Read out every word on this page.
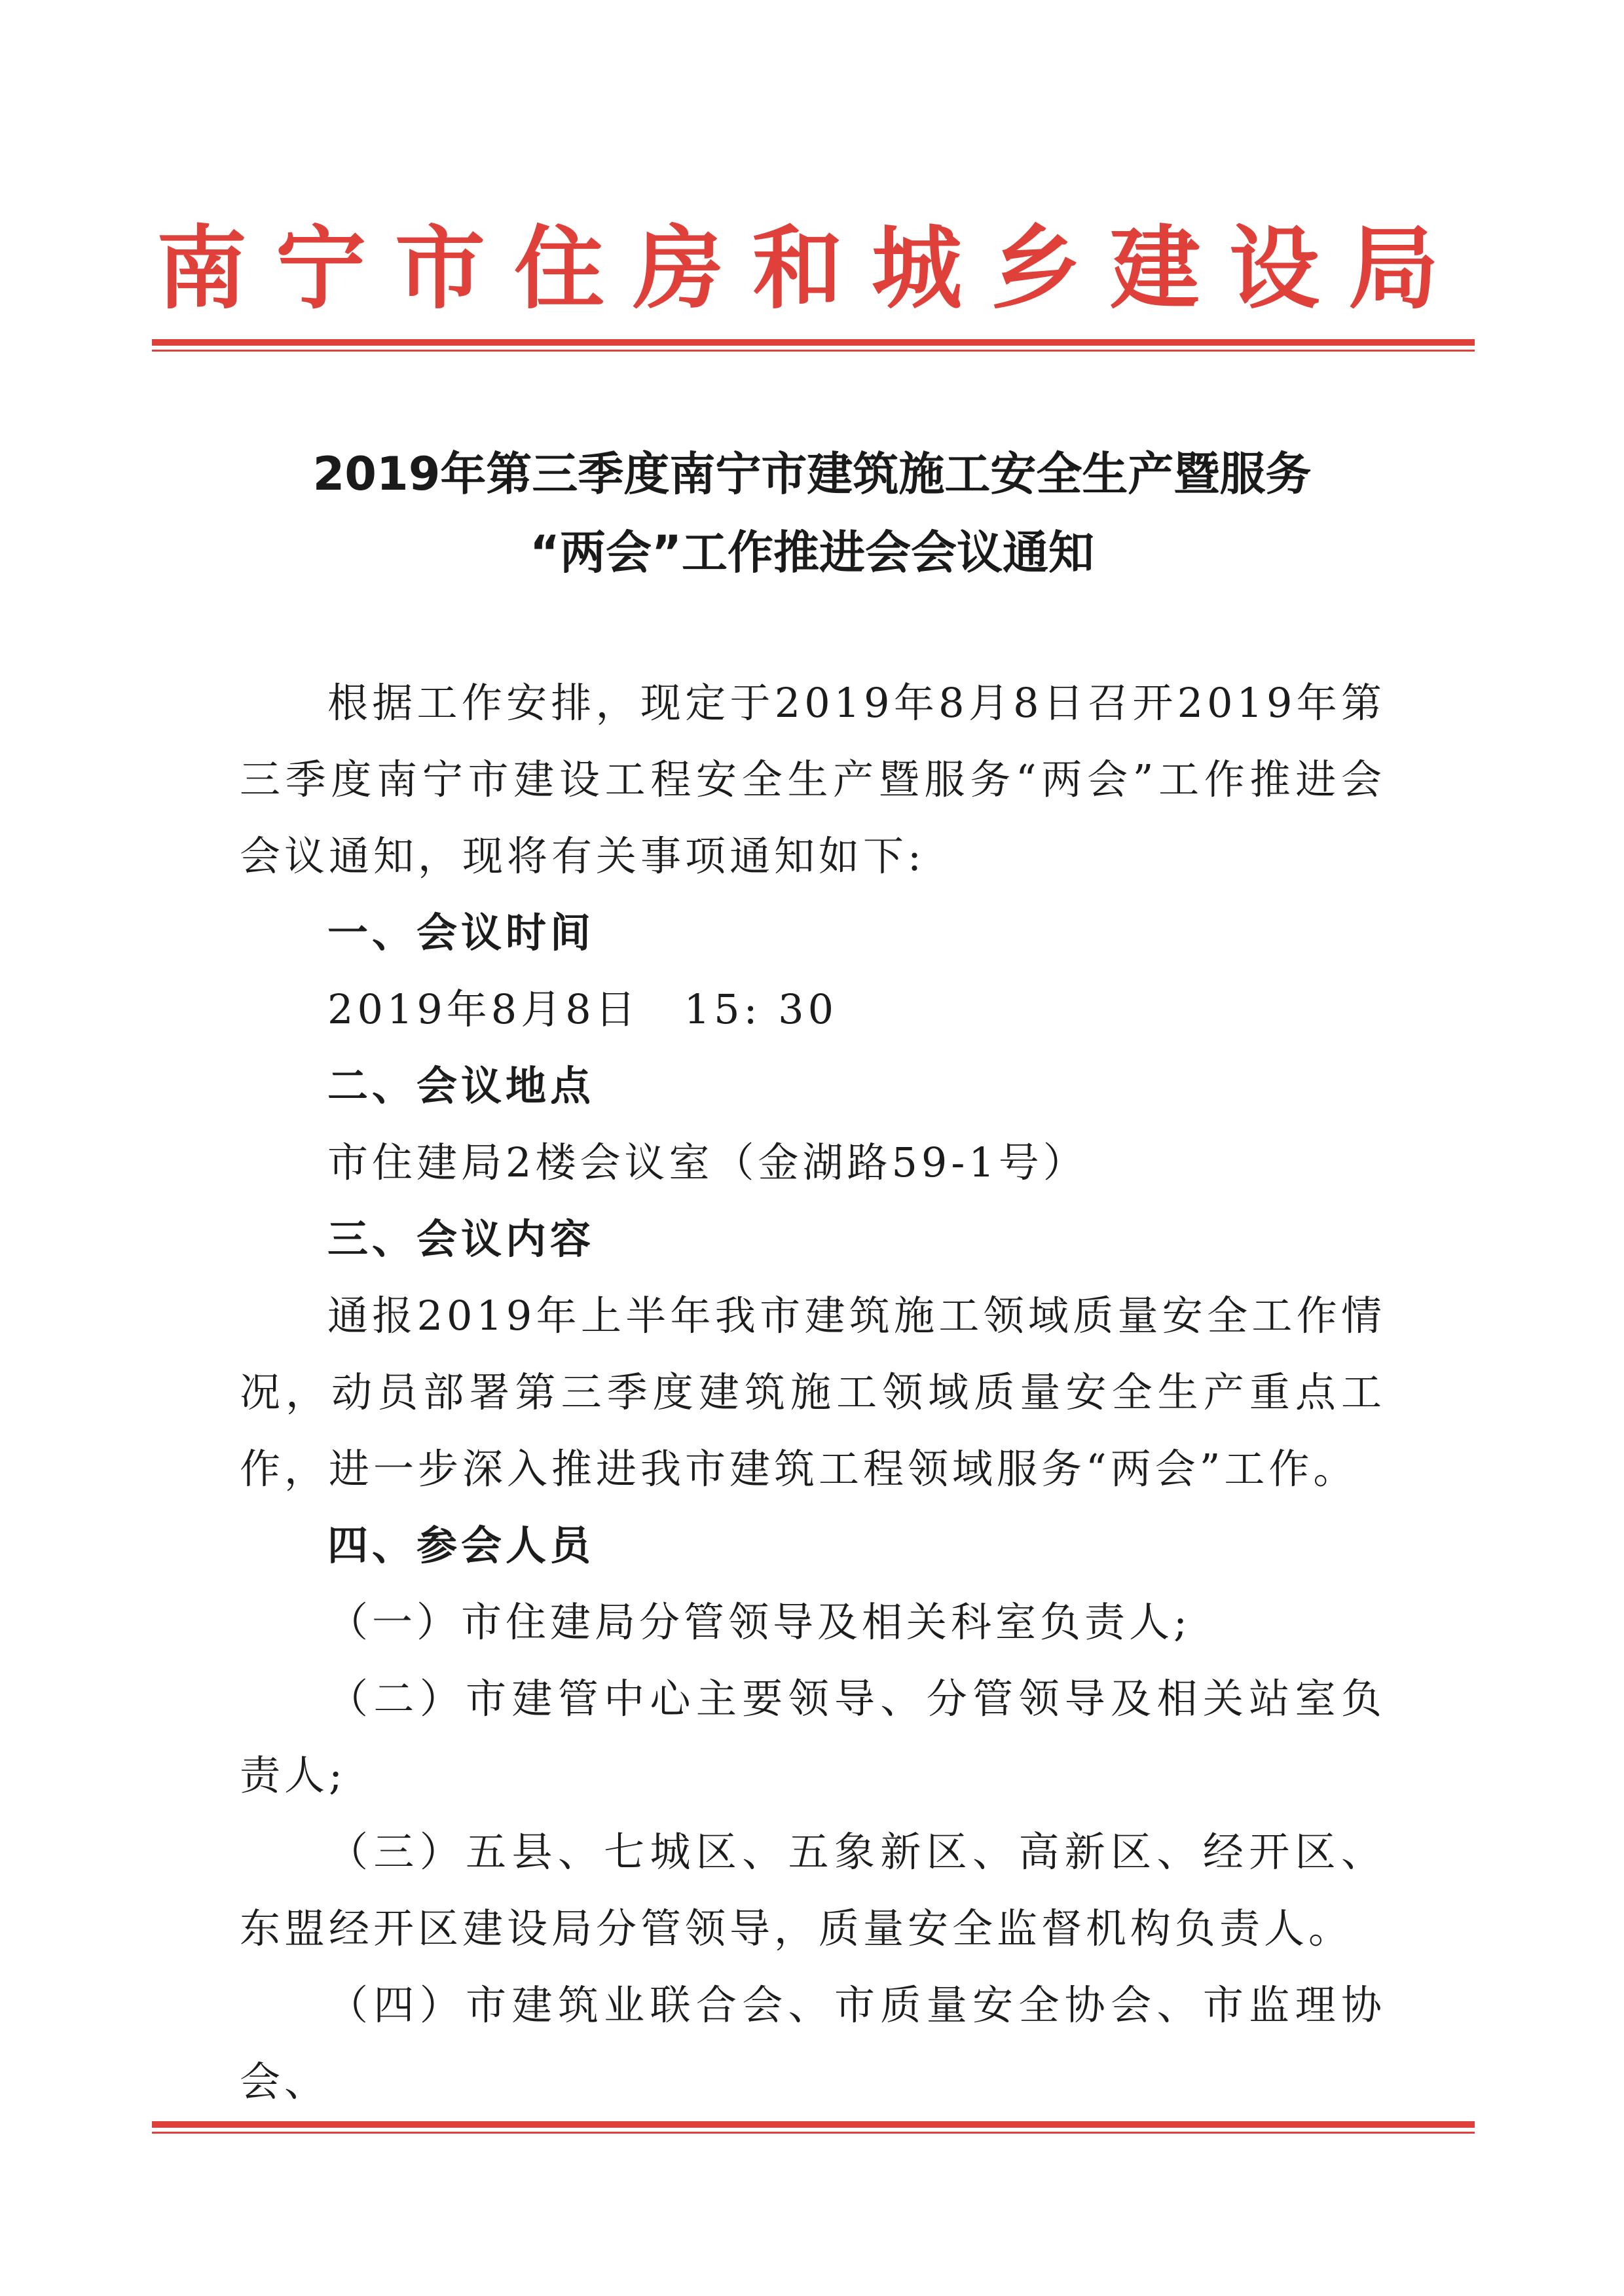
南宁市住房和城乡建设局
2019年第三季度南宁市建筑施工安全生产暨服务
“两会”工作推进会会议通知

根据工作安排，现定于2019年8月8日召开2019年第三季度南宁市建设工程安全生产暨服务“两会”工作推进会会议通知，现将有关事项通知如下:

一、会议时间

2019年8月8日　15: 30

二、会议地点

市住建局2楼会议室（金湖路59-1号）

三、会议内容

通报2019年上半年我市建筑施工领域质量安全工作情况，动员部署第三季度建筑施工领域质量安全生产重点工作，进一步深入推进我市建筑工程领域服务“两会”工作。

四、参会人员

（一）市住建局分管领导及相关科室负责人;

（二）市建管中心主要领导、分管领导及相关站室负责人;

（三）五县、七城区、五象新区、高新区、经开区、东盟经开区建设局分管领导，质量安全监督机构负责人。

（四）市建筑业联合会、市质量安全协会、市监理协会、
